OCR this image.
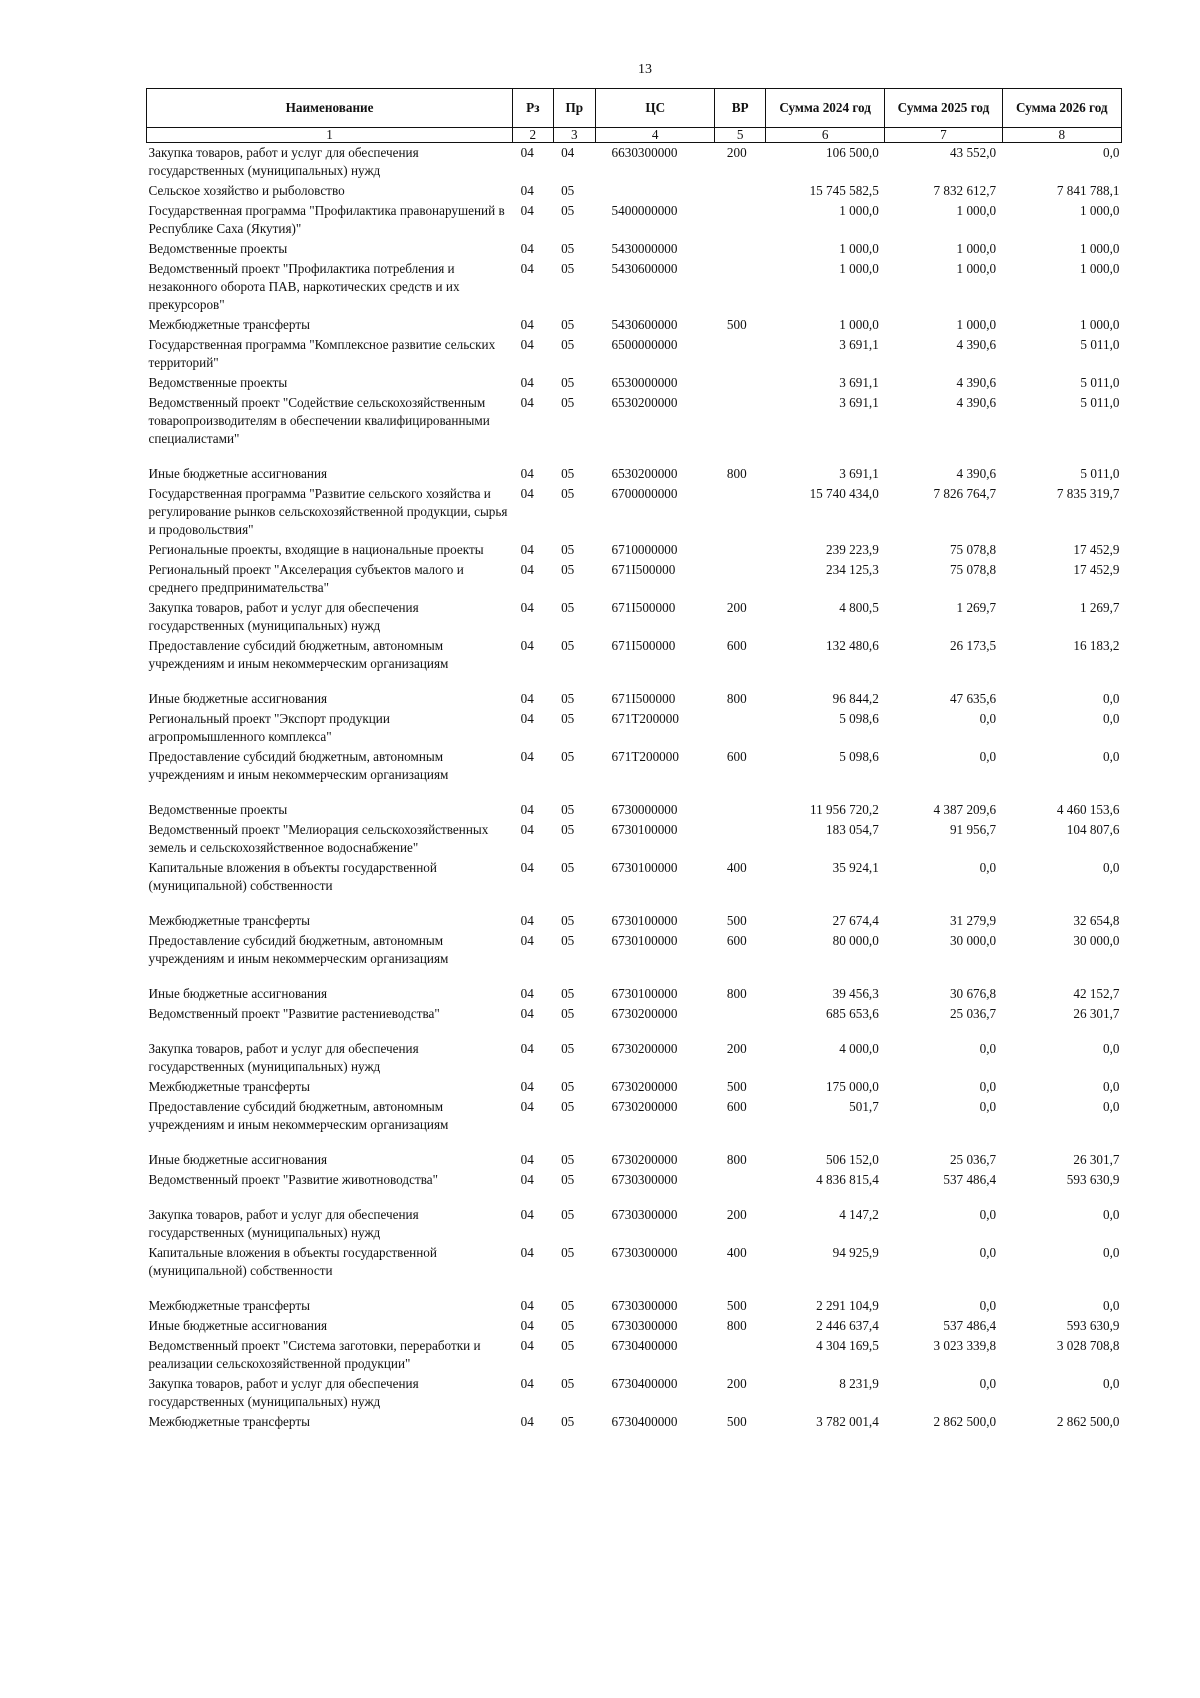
13
Наименование	Рз	Пр	ЦС	ВР	Сумма 2024 год	Сумма 2025 год	Сумма 2026 год
1	2	3	4	5	6	7	8
Закупка товаров, работ и услуг для обеспечения государственных (муниципальных) нужд	04	04	6630300000	200	106 500,0	43 552,0	0,0
Сельское хозяйство и рыболовство	04	05			15 745 582,5	7 832 612,7	7 841 788,1
Государственная программа "Профилактика правонарушений в Республике Саха (Якутия)"	04	05	5400000000		1 000,0	1 000,0	1 000,0
Ведомственные проекты	04	05	5430000000		1 000,0	1 000,0	1 000,0
Ведомственный проект "Профилактика потребления и незаконного оборота ПАВ, наркотических средств и их прекурсоров"	04	05	5430600000		1 000,0	1 000,0	1 000,0
Межбюджетные трансферты	04	05	5430600000	500	1 000,0	1 000,0	1 000,0
Государственная программа "Комплексное развитие сельских территорий"	04	05	6500000000		3 691,1	4 390,6	5 011,0
Ведомственные проекты	04	05	6530000000		3 691,1	4 390,6	5 011,0
Ведомственный проект "Содействие сельскохозяйственным товаропроизводителям в обеспечении квалифицированными специалистами"	04	05	6530200000		3 691,1	4 390,6	5 011,0
Иные бюджетные ассигнования	04	05	6530200000	800	3 691,1	4 390,6	5 011,0
Государственная программа "Развитие сельского хозяйства и регулирование рынков сельскохозяйственной продукции, сырья и продовольствия"	04	05	6700000000		15 740 434,0	7 826 764,7	7 835 319,7
Региональные проекты, входящие в национальные проекты	04	05	6710000000		239 223,9	75 078,8	17 452,9
Региональный проект "Акселерация субъектов малого и среднего предпринимательства"	04	05	671I500000		234 125,3	75 078,8	17 452,9
Закупка товаров, работ и услуг для обеспечения государственных (муниципальных) нужд	04	05	671I500000	200	4 800,5	1 269,7	1 269,7
Предоставление субсидий бюджетным, автономным учреждениям и иным некоммерческим организациям	04	05	671I500000	600	132 480,6	26 173,5	16 183,2
Иные бюджетные ассигнования	04	05	671I500000	800	96 844,2	47 635,6	0,0
Региональный проект "Экспорт продукции агропромышленного комплекса"	04	05	671T200000		5 098,6	0,0	0,0
Предоставление субсидий бюджетным, автономным учреждениям и иным некоммерческим организациям	04	05	671T200000	600	5 098,6	0,0	0,0
Ведомственные проекты	04	05	6730000000		11 956 720,2	4 387 209,6	4 460 153,6
Ведомственный проект "Мелиорация сельскохозяйственных земель и сельскохозяйственное водоснабжение"	04	05	6730100000		183 054,7	91 956,7	104 807,6
Капитальные вложения в объекты государственной (муниципальной) собственности	04	05	6730100000	400	35 924,1	0,0	0,0
Межбюджетные трансферты	04	05	6730100000	500	27 674,4	31 279,9	32 654,8
Предоставление субсидий бюджетным, автономным учреждениям и иным некоммерческим организациям	04	05	6730100000	600	80 000,0	30 000,0	30 000,0
Иные бюджетные ассигнования	04	05	6730100000	800	39 456,3	30 676,8	42 152,7
Ведомственный проект "Развитие растениеводства"	04	05	6730200000		685 653,6	25 036,7	26 301,7
Закупка товаров, работ и услуг для обеспечения государственных (муниципальных) нужд	04	05	6730200000	200	4 000,0	0,0	0,0
Межбюджетные трансферты	04	05	6730200000	500	175 000,0	0,0	0,0
Предоставление субсидий бюджетным, автономным учреждениям и иным некоммерческим организациям	04	05	6730200000	600	501,7	0,0	0,0
Иные бюджетные ассигнования	04	05	6730200000	800	506 152,0	25 036,7	26 301,7
Ведомственный проект "Развитие животноводства"	04	05	6730300000		4 836 815,4	537 486,4	593 630,9
Закупка товаров, работ и услуг для обеспечения государственных (муниципальных) нужд	04	05	6730300000	200	4 147,2	0,0	0,0
Капитальные вложения в объекты государственной (муниципальной) собственности	04	05	6730300000	400	94 925,9	0,0	0,0
Межбюджетные трансферты	04	05	6730300000	500	2 291 104,9	0,0	0,0
Иные бюджетные ассигнования	04	05	6730300000	800	2 446 637,4	537 486,4	593 630,9
Ведомственный проект "Система заготовки, переработки и реализации сельскохозяйственной продукции"	04	05	6730400000		4 304 169,5	3 023 339,8	3 028 708,8
Закупка товаров, работ и услуг для обеспечения государственных (муниципальных) нужд	04	05	6730400000	200	8 231,9	0,0	0,0
Межбюджетные трансферты	04	05	6730400000	500	3 782 001,4	2 862 500,0	2 862 500,0
